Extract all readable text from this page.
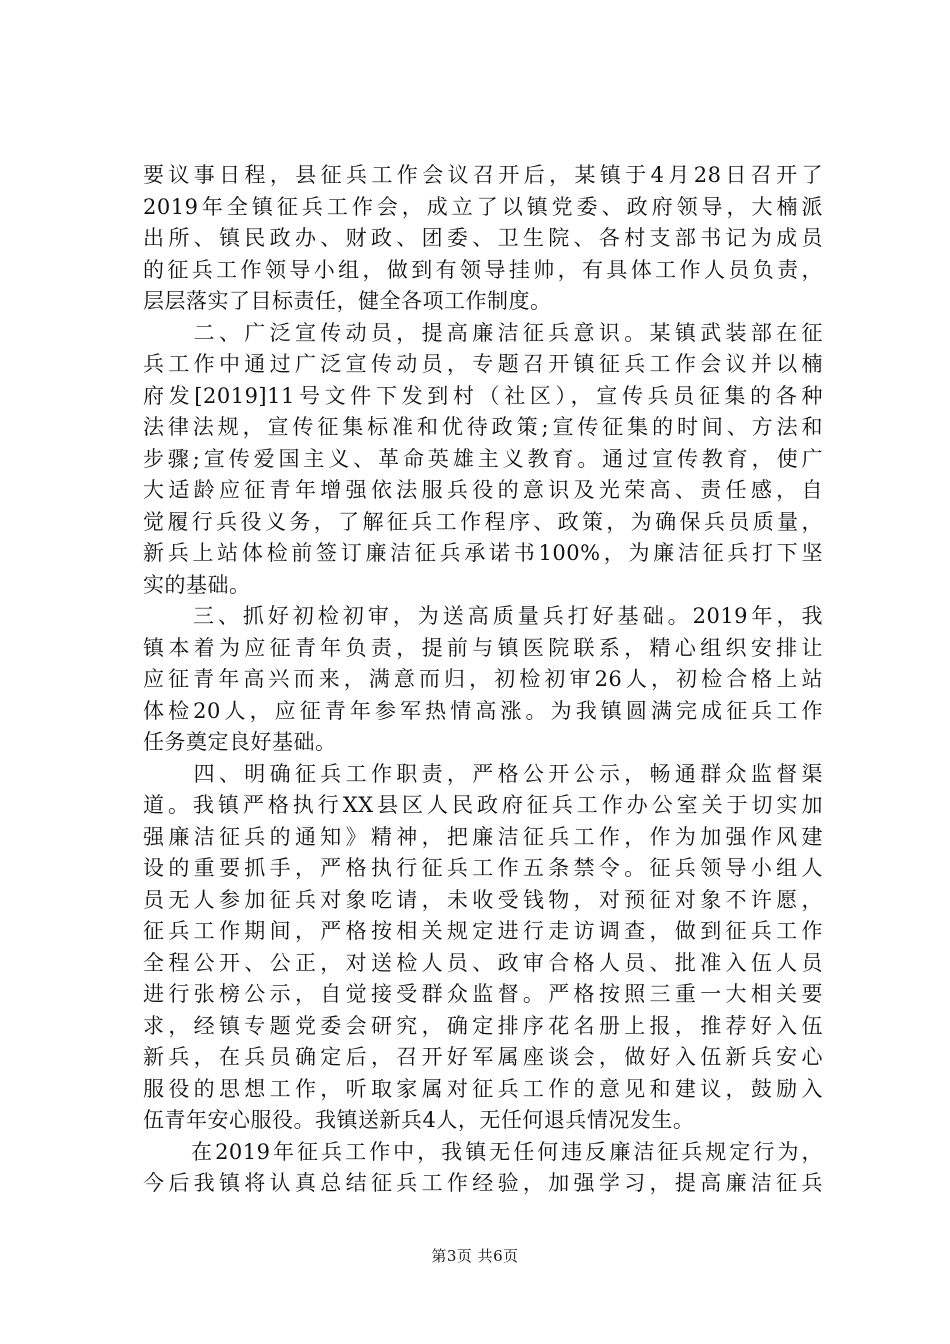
要议事日程，县征兵工作会议召开后，某镇于4月28日召开了
2019年全镇征兵工作会，成立了以镇党委、政府领导，大楠派
出所、镇民政办、财政、团委、卫生院、各村支部书记为成员
的征兵工作领导小组，做到有领导挂帅，有具体工作人员负责，
层层落实了目标责任，健全各项工作制度。
　　二、广泛宣传动员，提高廉洁征兵意识。某镇武装部在征
兵工作中通过广泛宣传动员，专题召开镇征兵工作会议并以楠
府发[2019]11号文件下发到村（社区），宣传兵员征集的各种
法律法规，宣传征集标准和优待政策;宣传征集的时间、方法和
步骤;宣传爱国主义、革命英雄主义教育。通过宣传教育，使广
大适龄应征青年增强依法服兵役的意识及光荣高、责任感，自
觉履行兵役义务，了解征兵工作程序、政策，为确保兵员质量，
新兵上站体检前签订廉洁征兵承诺书100%，为廉洁征兵打下坚
实的基础。
　　三、抓好初检初审，为送高质量兵打好基础。2019年，我
镇本着为应征青年负责，提前与镇医院联系，精心组织安排让
应征青年高兴而来，满意而归，初检初审26人，初检合格上站
体检20人，应征青年参军热情高涨。为我镇圆满完成征兵工作
任务奠定良好基础。
　　四、明确征兵工作职责，严格公开公示，畅通群众监督渠
道。我镇严格执行XX县区人民政府征兵工作办公室关于切实加
强廉洁征兵的通知》精神，把廉洁征兵工作，作为加强作风建
设的重要抓手，严格执行征兵工作五条禁令。征兵领导小组人
员无人参加征兵对象吃请，未收受钱物，对预征对象不许愿，
征兵工作期间，严格按相关规定进行走访调查，做到征兵工作
全程公开、公正，对送检人员、政审合格人员、批准入伍人员
进行张榜公示，自觉接受群众监督。严格按照三重一大相关要
求，经镇专题党委会研究，确定排序花名册上报，推荐好入伍
新兵，在兵员确定后，召开好军属座谈会，做好入伍新兵安心
服役的思想工作，听取家属对征兵工作的意见和建议，鼓励入
伍青年安心服役。我镇送新兵4人，无任何退兵情况发生。
　　在2019年征兵工作中，我镇无任何违反廉洁征兵规定行为，
今后我镇将认真总结征兵工作经验，加强学习，提高廉洁征兵
第3页 共6页
